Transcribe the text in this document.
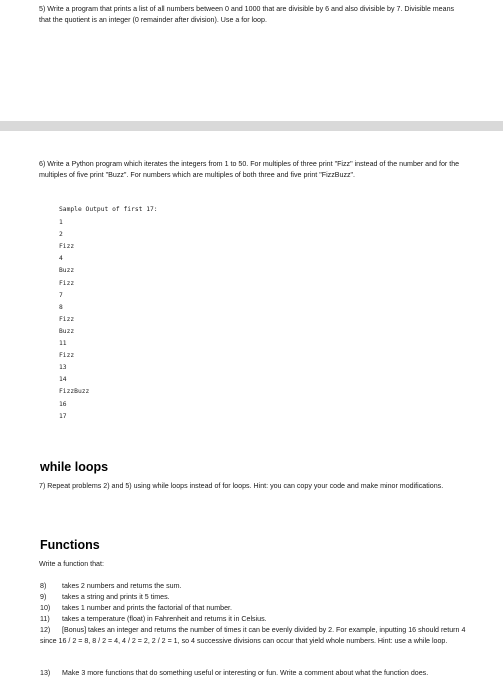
5) Write a program that prints a list of all numbers between 0 and 1000 that are divisible by 6 and also divisible by 7. Divisible means that the quotient is an integer (0 remainder after division). Use a for loop.
6) Write a Python program which iterates the integers from 1 to 50. For multiples of three print "Fizz" instead of the number and for the multiples of five print "Buzz". For numbers which are multiples of both three and five print "FizzBuzz".
Sample Output of first 17:
1
2
Fizz
4
Buzz
Fizz
7
8
Fizz
Buzz
11
Fizz
13
14
FizzBuzz
16
17
while loops
7) Repeat problems 2) and 5) using while loops instead of for loops. Hint: you can copy your code and make minor modifications.
Functions
Write a function that:
8)	takes 2 numbers and returns the sum.
9)	takes a string and prints it 5 times.
10)	takes 1 number and prints the factorial of that number.
11)	takes a temperature (float) in Fahrenheit and returns it in Celsius.
12)	[Bonus] takes an integer and returns the number of times it can be evenly divided by 2. For example, inputting 16 should return 4 since 16 / 2 = 8, 8 / 2 = 4, 4 / 2 = 2, 2 / 2 = 1, so 4 successive divisions can occur that yield whole numbers. Hint: use a while loop.
13)	Make 3 more functions that do something useful or interesting or fun. Write a comment about what the function does.
